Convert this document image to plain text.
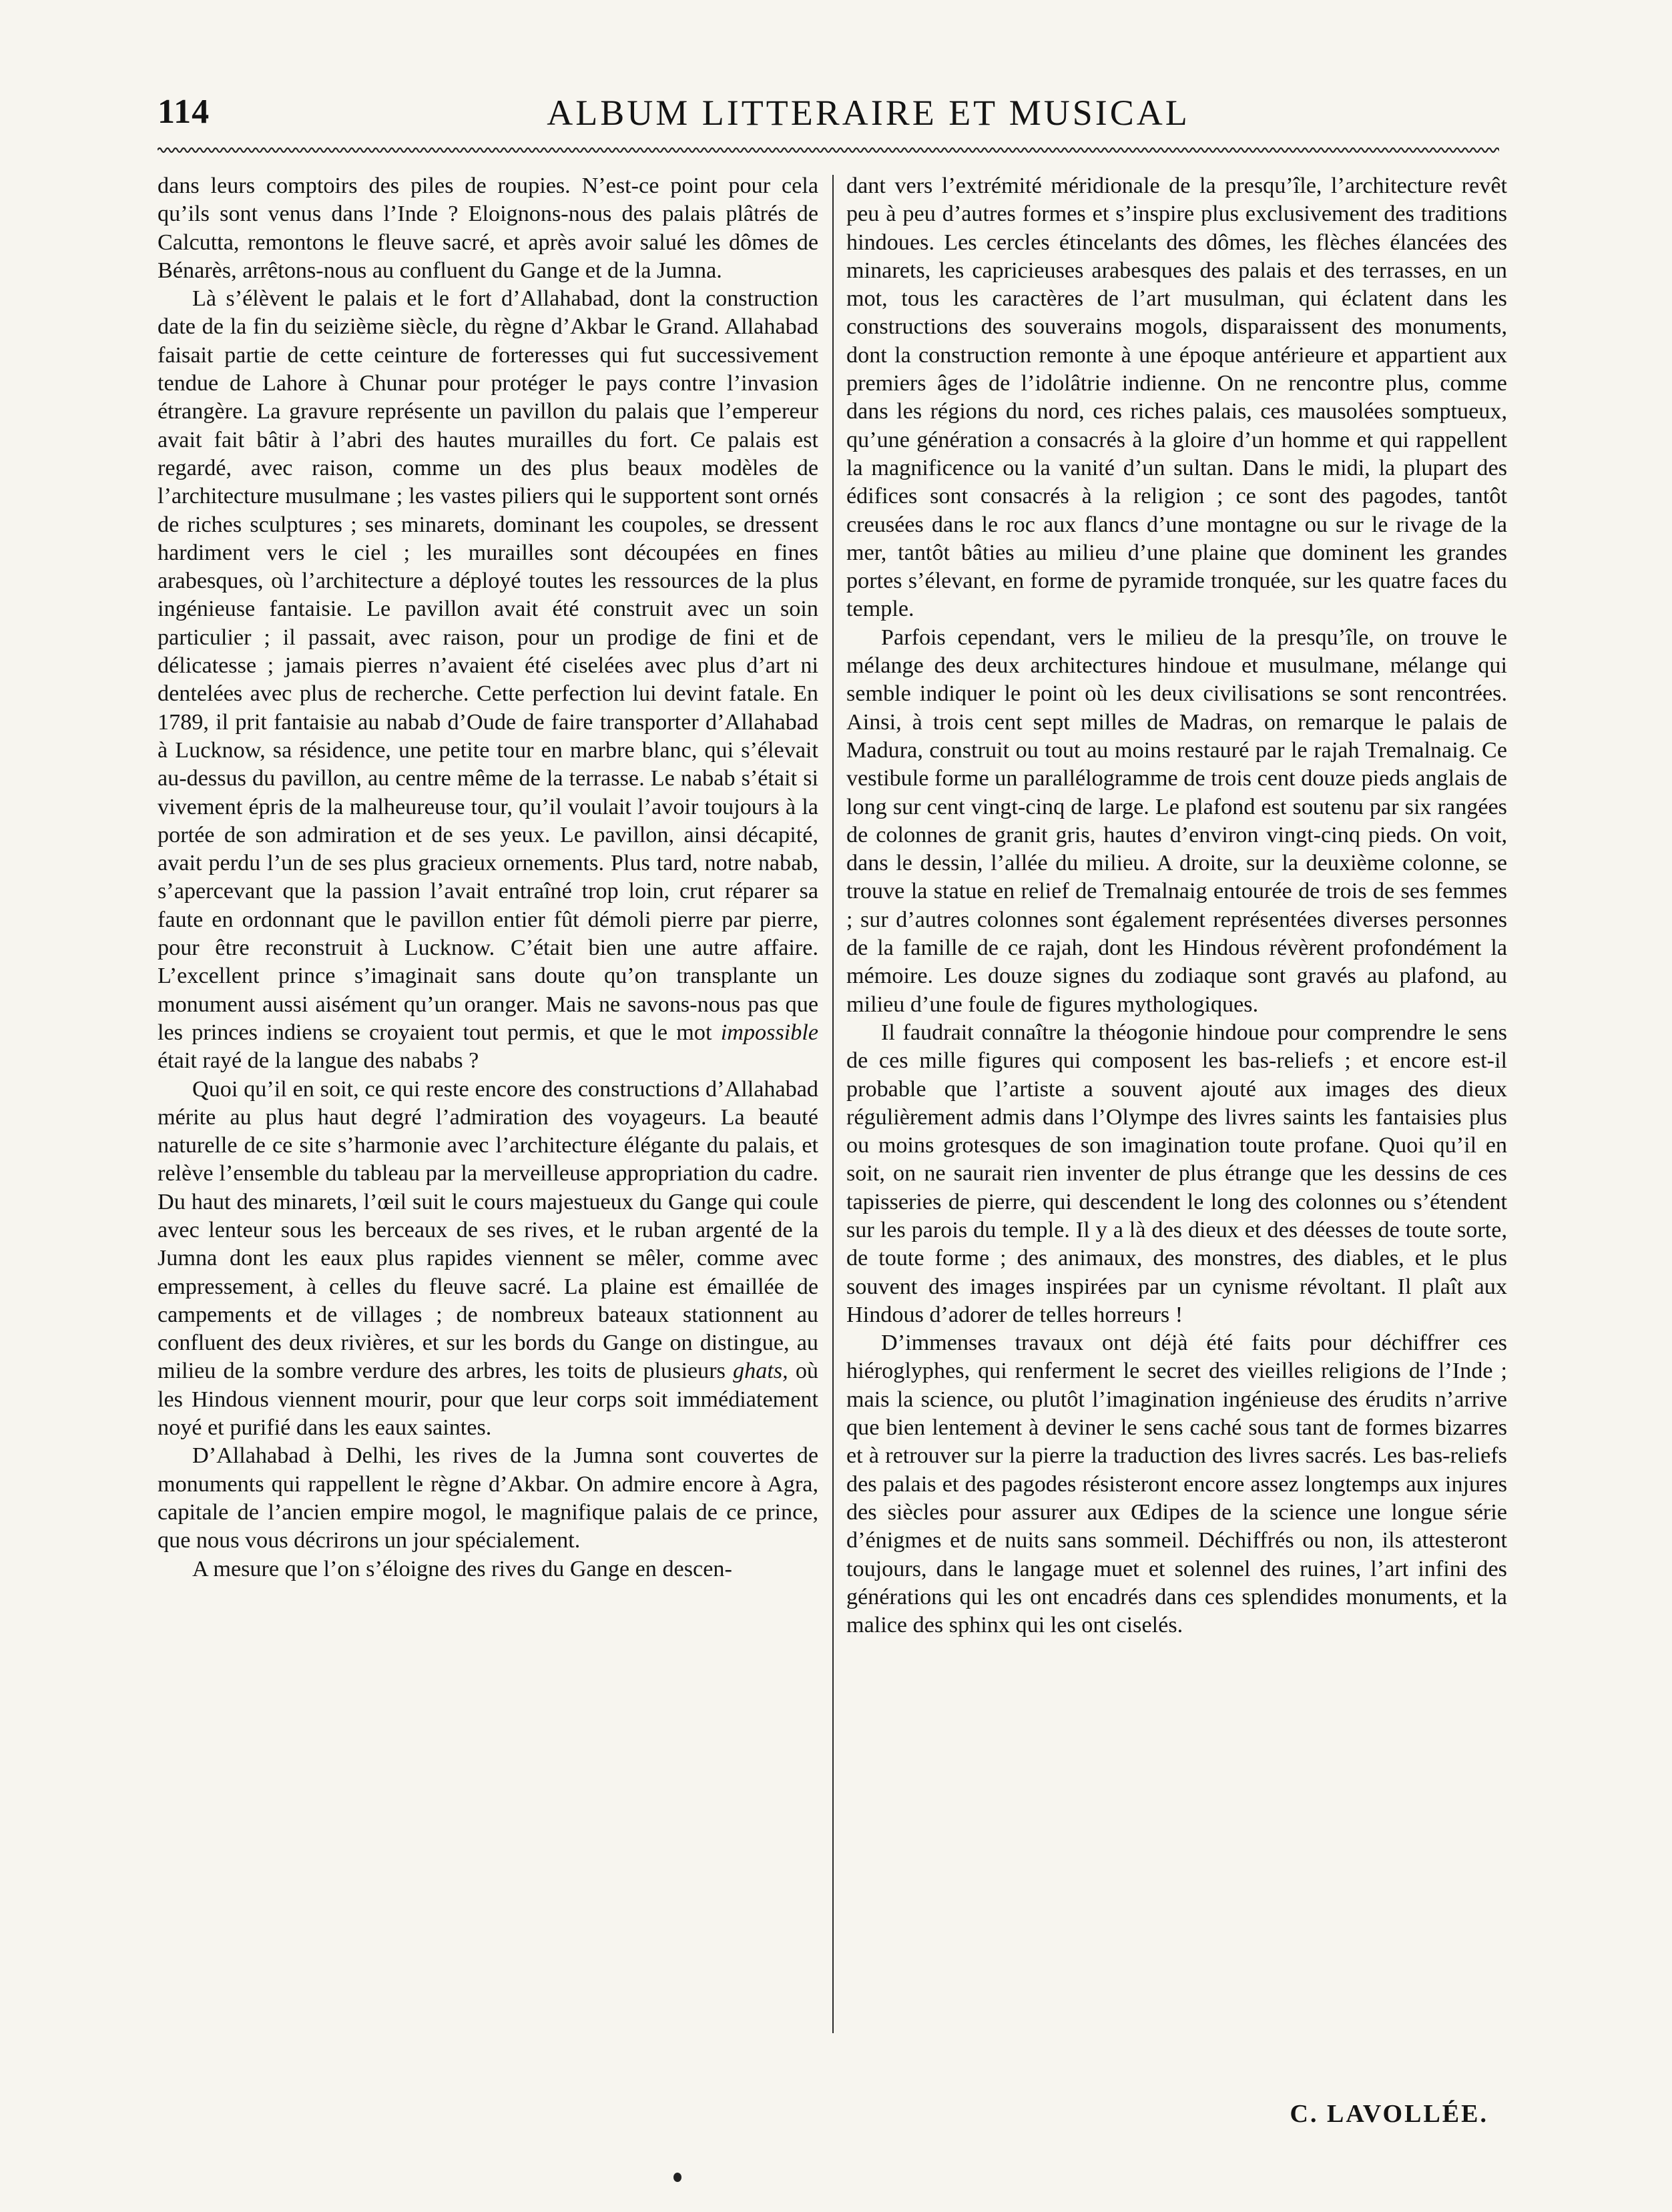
114	ALBUM LITTERAIRE ET MUSICAL

dans leurs comptoirs des piles de roupies. N’est-ce point pour cela qu’ils sont venus dans l’Inde ? Eloignons-nous des palais plâtrés de Calcutta, remontons le fleuve sacré, et après avoir salué les dômes de Bénarès, arrêtons-nous au confluent du Gange et de la Jumna.

Là s’élèvent le palais et le fort d’Allahabad, dont la construction date de la fin du seizième siècle, du règne d’Akbar le Grand. Allahabad faisait partie de cette ceinture de forteresses qui fut successivement tendue de Lahore à Chunar pour protéger le pays contre l’invasion étrangère. La gravure représente un pavillon du palais que l’empereur avait fait bâtir à l’abri des hautes murailles du fort. Ce palais est regardé, avec raison, comme un des plus beaux modèles de l’architecture musulmane ; les vastes piliers qui le supportent sont ornés de riches sculptures ; ses minarets, dominant les coupoles, se dressent hardiment vers le ciel ; les murailles sont découpées en fines arabesques, où l’architecture a déployé toutes les ressources de la plus ingénieuse fantaisie. Le pavillon avait été construit avec un soin particulier ; il passait, avec raison, pour un prodige de fini et de délicatesse ; jamais pierres n’avaient été ciselées avec plus d’art ni dentelées avec plus de recherche. Cette perfection lui devint fatale. En 1789, il prit fantaisie au nabab d’Oude de faire transporter d’Allahabad à Lucknow, sa résidence, une petite tour en marbre blanc, qui s’élevait au-dessus du pavillon, au centre même de la terrasse. Le nabab s’était si vivement épris de la malheureuse tour, qu’il voulait l’avoir toujours à la portée de son admiration et de ses yeux. Le pavillon, ainsi décapité, avait perdu l’un de ses plus gracieux ornements. Plus tard, notre nabab, s’apercevant que la passion l’avait entraîné trop loin, crut réparer sa faute en ordonnant que le pavillon entier fût démoli pierre par pierre, pour être reconstruit à Lucknow. C’était bien une autre affaire. L’excellent prince s’imaginait sans doute qu’on transplante un monument aussi aisément qu’un oranger. Mais ne savons-nous pas que les princes indiens se croyaient tout permis, et que le mot impossible était rayé de la langue des nababs ?

Quoi qu’il en soit, ce qui reste encore des constructions d’Allahabad mérite au plus haut degré l’admiration des voyageurs. La beauté naturelle de ce site s’harmonie avec l’architecture élégante du palais, et relève l’ensemble du tableau par la merveilleuse appropriation du cadre. Du haut des minarets, l’œil suit le cours majestueux du Gange qui coule avec lenteur sous les berceaux de ses rives, et le ruban argenté de la Jumna dont les eaux plus rapides viennent se mêler, comme avec empressement, à celles du fleuve sacré. La plaine est émaillée de campements et de villages ; de nombreux bateaux stationnent au confluent des deux rivières, et sur les bords du Gange on distingue, au milieu de la sombre verdure des arbres, les toits de plusieurs ghats, où les Hindous viennent mourir, pour que leur corps soit immédiatement noyé et purifié dans les eaux saintes.

D’Allahabad à Delhi, les rives de la Jumna sont couvertes de monuments qui rappellent le règne d’Akbar. On admire encore à Agra, capitale de l’ancien empire mogol, le magnifique palais de ce prince, que nous vous décrirons un jour spécialement.

A mesure que l’on s’éloigne des rives du Gange en descen-

dant vers l’extrémité méridionale de la presqu’île, l’architecture revêt peu à peu d’autres formes et s’inspire plus exclusivement des traditions hindoues. Les cercles étincelants des dômes, les flèches élancées des minarets, les capricieuses arabesques des palais et des terrasses, en un mot, tous les caractères de l’art musulman, qui éclatent dans les constructions des souverains mogols, disparaissent des monuments, dont la construction remonte à une époque antérieure et appartient aux premiers âges de l’idolâtrie indienne. On ne rencontre plus, comme dans les régions du nord, ces riches palais, ces mausolées somptueux, qu’une génération a consacrés à la gloire d’un homme et qui rappellent la magnificence ou la vanité d’un sultan. Dans le midi, la plupart des édifices sont consacrés à la religion ; ce sont des pagodes, tantôt creusées dans le roc aux flancs d’une montagne ou sur le rivage de la mer, tantôt bâties au milieu d’une plaine que dominent les grandes portes s’élevant, en forme de pyramide tronquée, sur les quatre faces du temple.

Parfois cependant, vers le milieu de la presqu’île, on trouve le mélange des deux architectures hindoue et musulmane, mélange qui semble indiquer le point où les deux civilisations se sont rencontrées. Ainsi, à trois cent sept milles de Madras, on remarque le palais de Madura, construit ou tout au moins restauré par le rajah Tremalnaig. Ce vestibule forme un parallélogramme de trois cent douze pieds anglais de long sur cent vingt-cinq de large. Le plafond est soutenu par six rangées de colonnes de granit gris, hautes d’environ vingt-cinq pieds. On voit, dans le dessin, l’allée du milieu. A droite, sur la deuxième colonne, se trouve la statue en relief de Tremalnaig entourée de trois de ses femmes ; sur d’autres colonnes sont également représentées diverses personnes de la famille de ce rajah, dont les Hindous révèrent profondément la mémoire. Les douze signes du zodiaque sont gravés au plafond, au milieu d’une foule de figures mythologiques.

Il faudrait connaître la théogonie hindoue pour comprendre le sens de ces mille figures qui composent les bas-reliefs ; et encore est-il probable que l’artiste a souvent ajouté aux images des dieux régulièrement admis dans l’Olympe des livres saints les fantaisies plus ou moins grotesques de son imagination toute profane. Quoi qu’il en soit, on ne saurait rien inventer de plus étrange que les dessins de ces tapisseries de pierre, qui descendent le long des colonnes ou s’étendent sur les parois du temple. Il y a là des dieux et des déesses de toute sorte, de toute forme ; des animaux, des monstres, des diables, et le plus souvent des images inspirées par un cynisme révoltant. Il plaît aux Hindous d’adorer de telles horreurs !

D’immenses travaux ont déjà été faits pour déchiffrer ces hiéroglyphes, qui renferment le secret des vieilles religions de l’Inde ; mais la science, ou plutôt l’imagination ingénieuse des érudits n’arrive que bien lentement à deviner le sens caché sous tant de formes bizarres et à retrouver sur la pierre la traduction des livres sacrés. Les bas-reliefs des palais et des pagodes résisteront encore assez longtemps aux injures des siècles pour assurer aux Œdipes de la science une longue série d’énigmes et de nuits sans sommeil. Déchiffrés ou non, ils attesteront toujours, dans le langage muet et solennel des ruines, l’art infini des générations qui les ont encadrés dans ces splendides monuments, et la malice des sphinx qui les ont ciselés.

C. LAVOLLÉE.
